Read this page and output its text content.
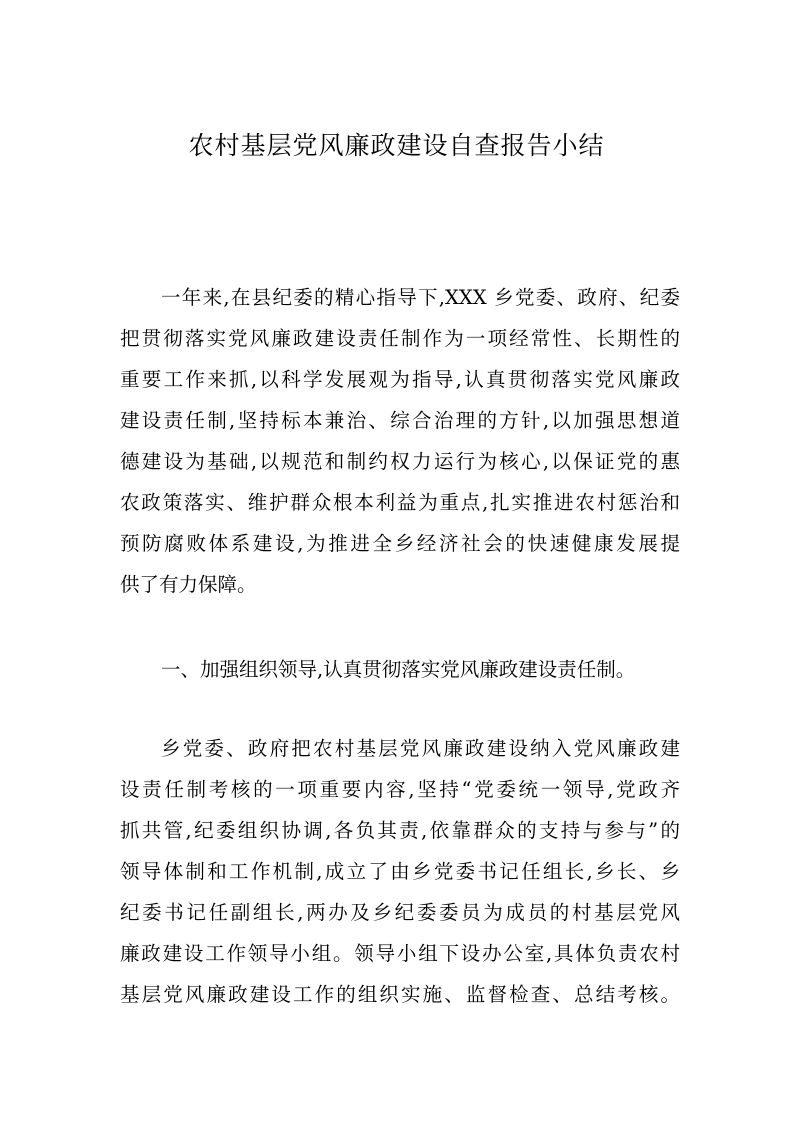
农村基层党风廉政建设自查报告小结
一年来,在县纪委的精心指导下,XXX 乡党委、政府、纪委
把贯彻落实党风廉政建设责任制作为一项经常性、长期性的
重要工作来抓,以科学发展观为指导,认真贯彻落实党风廉政
建设责任制,坚持标本兼治、综合治理的方针,以加强思想道
德建设为基础,以规范和制约权力运行为核心,以保证党的惠
农政策落实、维护群众根本利益为重点,扎实推进农村惩治和
预防腐败体系建设,为推进全乡经济社会的快速健康发展提
供了有力保障。
一、加强组织领导,认真贯彻落实党风廉政建设责任制。
乡党委、政府把农村基层党风廉政建设纳入党风廉政建
设责任制考核的一项重要内容,坚持“党委统一领导,党政齐
抓共管,纪委组织协调,各负其责,依靠群众的支持与参与”的
领导体制和工作机制,成立了由乡党委书记任组长,乡长、乡
纪委书记任副组长,两办及乡纪委委员为成员的村基层党风
廉政建设工作领导小组。领导小组下设办公室,具体负责农村
基层党风廉政建设工作的组织实施、监督检查、总结考核。
